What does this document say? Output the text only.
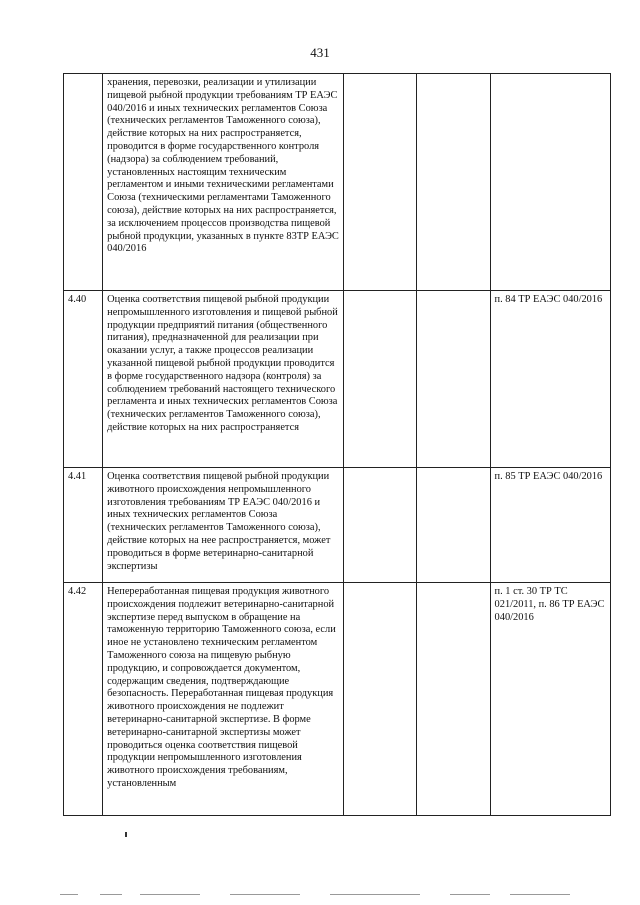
431
	хранения, перевозки, реализации и утилизации пищевой рыбной продукции требованиям ТР ЕАЭС 040/2016 и иных технических регламентов Союза (технических регламентов Таможенного союза), действие которых на них распространяется, проводится в форме государственного контроля (надзора) за соблюдением требований, установленных настоящим техническим регламентом и иными техническими регламентами Союза (техническими регламентами Таможенного союза), действие которых на них распространяется, за исключением процессов производства пищевой рыбной продукции, указанных в пункте 83ТР ЕАЭС 040/2016			
4.40	Оценка соответствия пищевой рыбной продукции непромышленного изготовления и пищевой рыбной продукции предприятий питания (общественного питания), предназначенной для реализации при оказании услуг, а также процессов реализации указанной пищевой рыбной продукции проводится в форме государственного надзора (контроля) за соблюдением требований настоящего технического регламента и иных технических регламентов Союза (технических регламентов Таможенного союза), действие которых на них распространяется			п. 84 ТР ЕАЭС 040/2016
4.41	Оценка соответствия пищевой рыбной продукции животного происхождения непромышленного изготовления требованиям ТР ЕАЭС 040/2016 и иных технических регламентов Союза (технических регламентов Таможенного союза), действие которых на нее распространяется, может проводиться в форме ветеринарно-санитарной экспертизы			п. 85 ТР ЕАЭС 040/2016
4.42	Непереработанная пищевая продукция животного происхождения подлежит ветеринарно-санитарной экспертизе перед выпуском в обращение на таможенную территорию Таможенного союза, если иное не установлено техническим регламентом Таможенного союза на пищевую рыбную продукцию, и сопровождается документом, содержащим сведения, подтверждающие безопасность. Переработанная пищевая продукция животного происхождения не подлежит ветеринарно-санитарной экспертизе. В форме ветеринарно-санитарной экспертизы может проводиться оценка соответствия пищевой продукции непромышленного изготовления животного происхождения требованиям, установленным			п. 1 ст. 30 ТР ТС 021/2011, п. 86 ТР ЕАЭС 040/2016
